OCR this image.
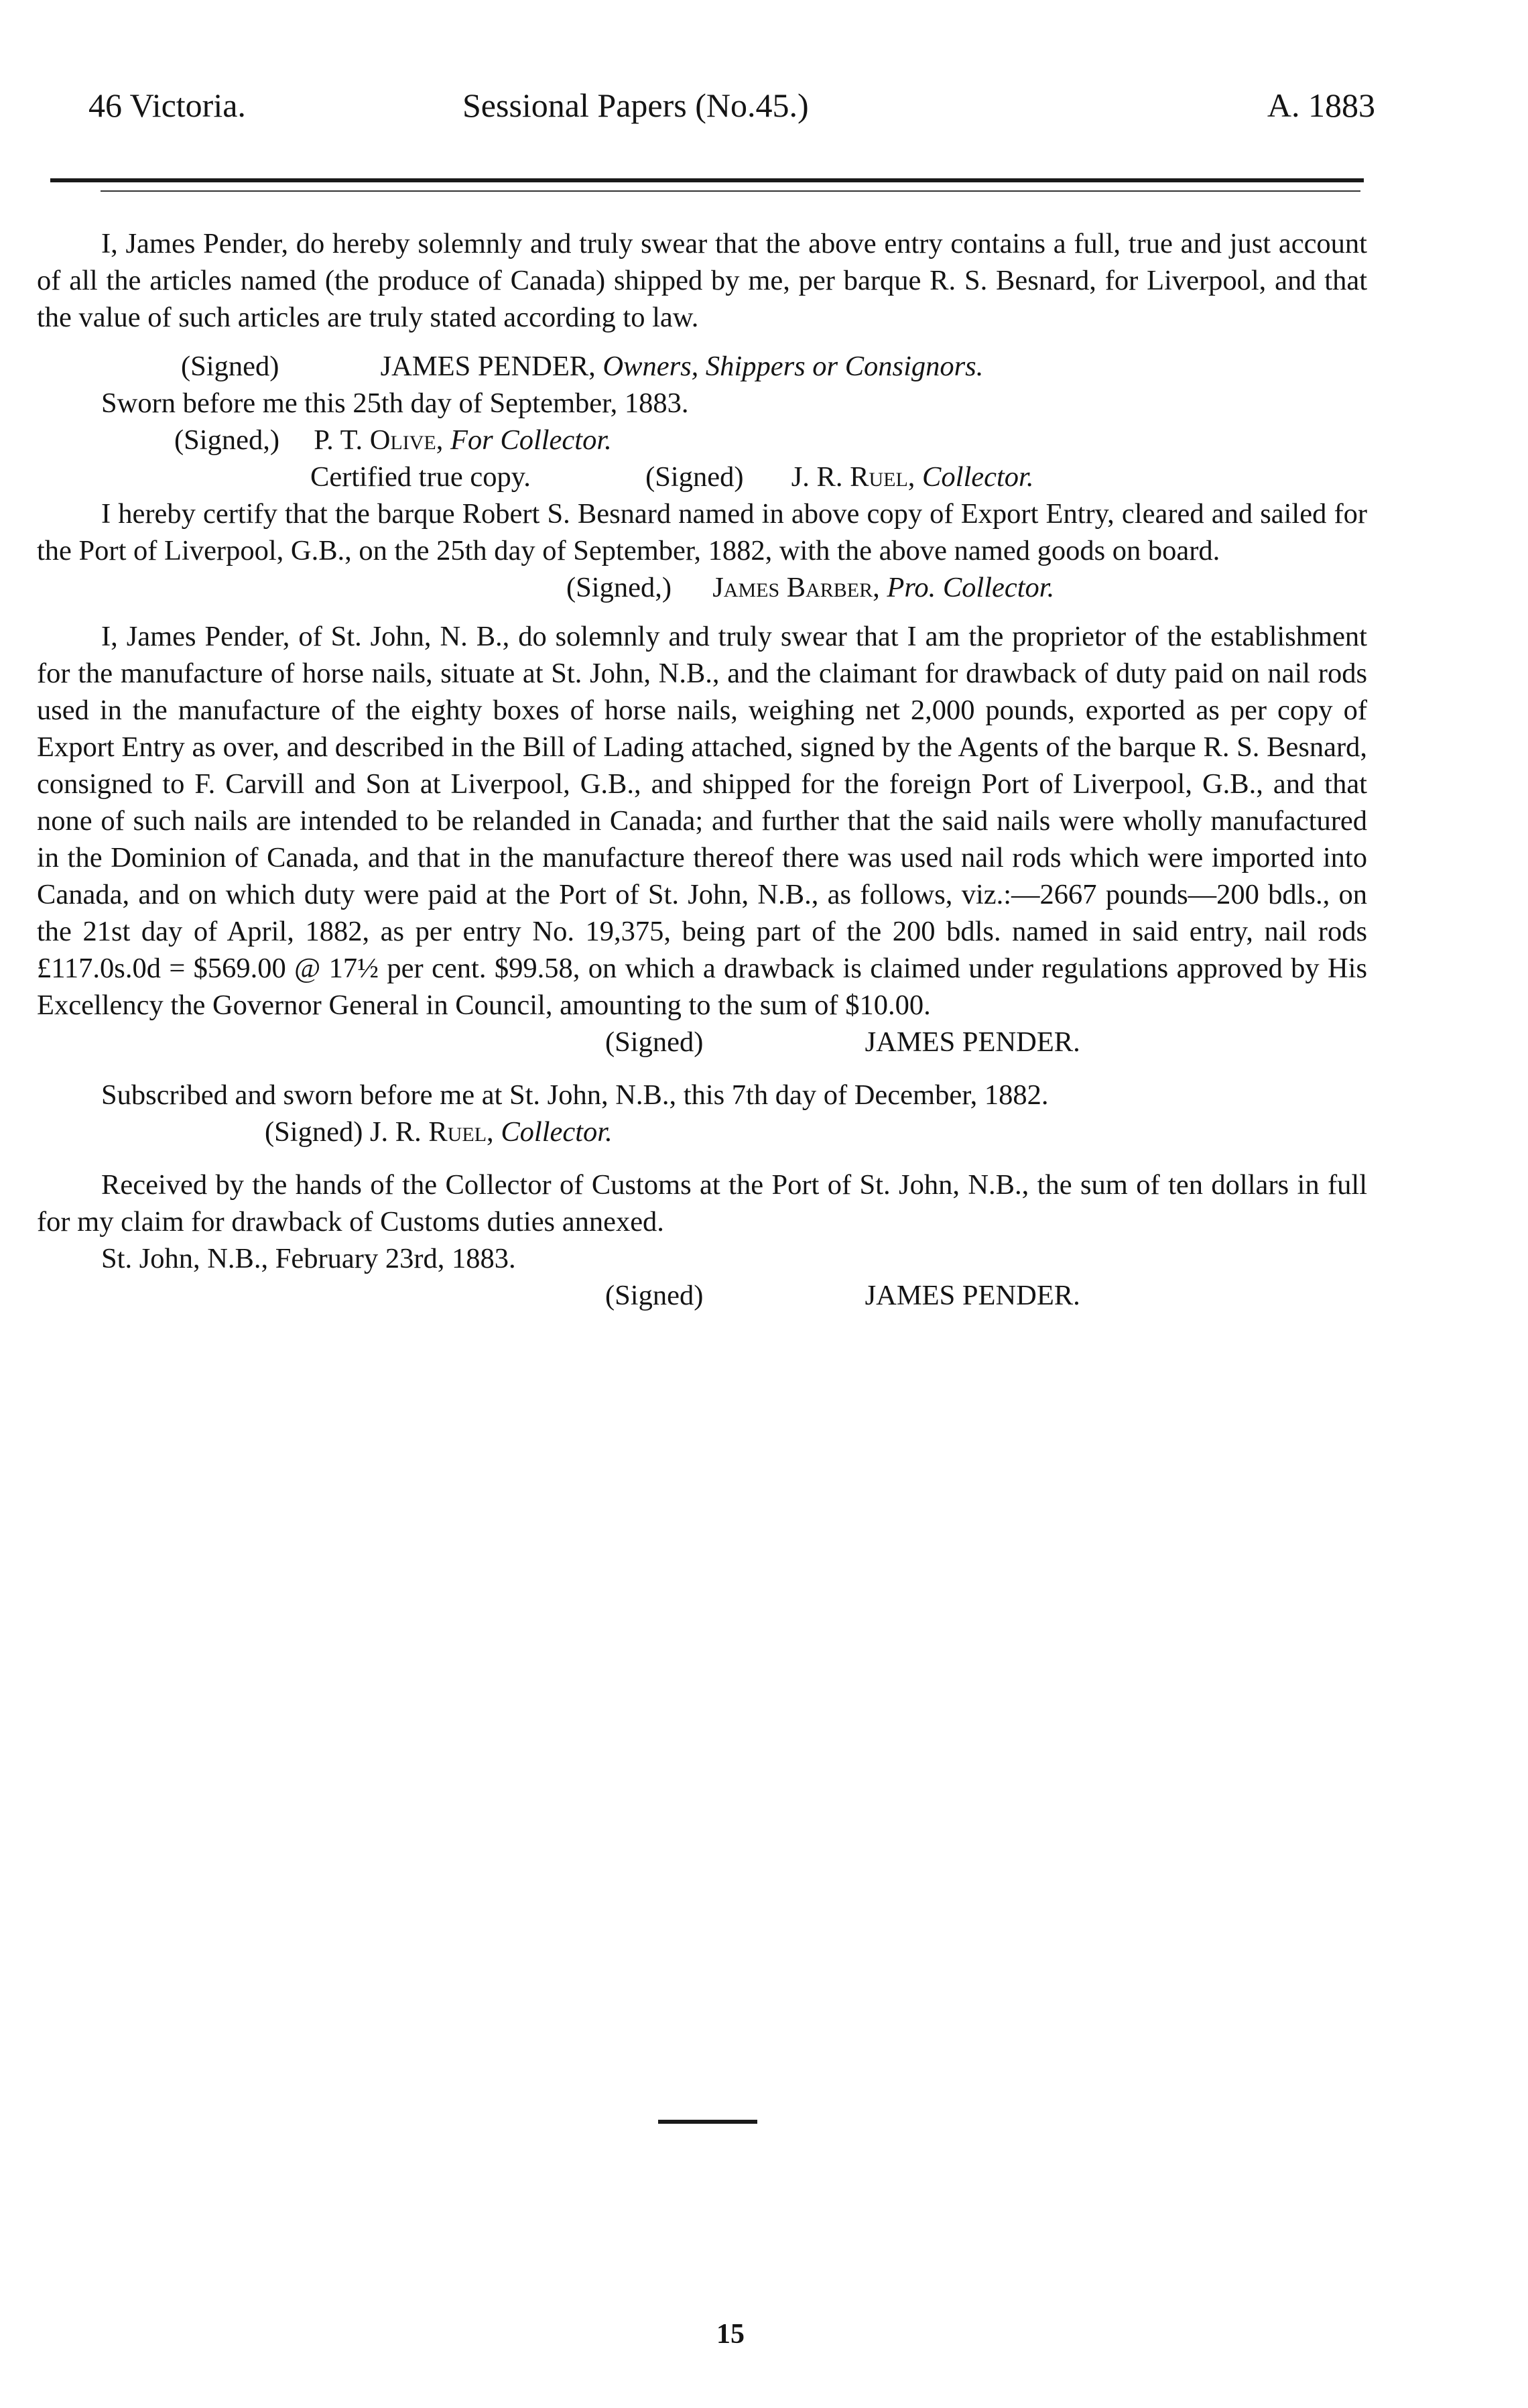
46 Victoria.	Sessional Papers (No.45.)	A. 1883

I, James Pender, do hereby solemnly and truly swear that the above entry contains a full, true and just account of all the articles named (the produce of Canada) shipped by me, per barque R. S. Besnard, for Liverpool, and that the value of such articles are truly stated according to law.

(Signed)	JAMES PENDER, Owners, Shippers or Consignors.

Sworn before me this 25th day of September, 1883.

(Signed,) P. T. Olive, For Collector.

Certified true copy.	(Signed) J. R. Ruel, Collector.

I hereby certify that the barque Robert S. Besnard named in above copy of Export Entry, cleared and sailed for the Port of Liverpool, G.B., on the 25th day of September, 1882, with the above named goods on board.

(Signed,) James Barber, Pro. Collector.

I, James Pender, of St. John, N. B., do solemnly and truly swear that I am the proprietor of the establishment for the manufacture of horse nails, situate at St. John, N.B., and the claimant for drawback of duty paid on nail rods used in the manufacture of the eighty boxes of horse nails, weighing net 2,000 pounds, exported as per copy of Export Entry as over, and described in the Bill of Lading attached, signed by the Agents of the barque R. S. Besnard, consigned to F. Carvill and Son at Liverpool, G.B., and shipped for the foreign Port of Liverpool, G.B., and that none of such nails are intended to be relanded in Canada; and further that the said nails were wholly manufactured in the Dominion of Canada, and that in the manufacture thereof there was used nail rods which were imported into Canada, and on which duty were paid at the Port of St. John, N.B., as follows, viz.:—2667 pounds—200 bdls., on the 21st day of April, 1882, as per entry No. 19,375, being part of the 200 bdls. named in said entry, nail rods £117.0s.0d = $569.00 @ 17½ per cent. $99.58, on which a drawback is claimed under regulations approved by His Excellency the Governor General in Council, amounting to the sum of $10.00.

(Signed)	JAMES PENDER.

Subscribed and sworn before me at St. John, N.B., this 7th day of December, 1882.

(Signed) J. R. Ruel, Collector.

Received by the hands of the Collector of Customs at the Port of St. John, N.B., the sum of ten dollars in full for my claim for drawback of Customs duties annexed.

St. John, N.B., February 23rd, 1883.

(Signed)	JAMES PENDER.

15
